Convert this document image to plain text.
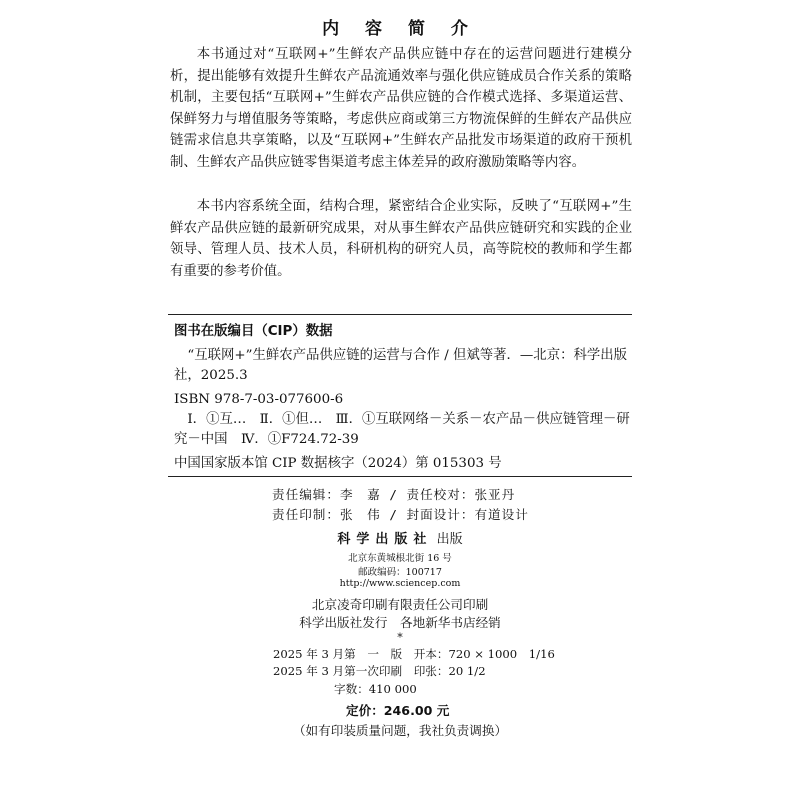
内 容 简 介

本书通过对“互联网+”生鲜农产品供应链中存在的运营问题进行建模分析，提出能够有效提升生鲜农产品流通效率与强化供应链成员合作关系的策略机制，主要包括“互联网+”生鲜农产品供应链的合作模式选择、多渠道运营、保鲜努力与增值服务等策略，考虑供应商或第三方物流保鲜的生鲜农产品供应链需求信息共享策略，以及“互联网+”生鲜农产品批发市场渠道的政府干预机制、生鲜农产品供应链零售渠道考虑主体差异的政府激励策略等内容。

本书内容系统全面，结构合理，紧密结合企业实际，反映了“互联网+”生鲜农产品供应链的最新研究成果，对从事生鲜农产品供应链研究和实践的企业领导、管理人员、技术人员，科研机构的研究人员，高等院校的教师和学生都有重要的参考价值。

图书在版编目（CIP）数据
“互联网+”生鲜农产品供应链的运营与合作 / 但斌等著．—北京：科学出版社，2025.3
ISBN 978-7-03-077600-6
Ⅰ．①互…　Ⅱ．①但…　Ⅲ．①互联网络－关系－农产品－供应链管理－研究－中国　Ⅳ．①F724.72-39
中国国家版本馆 CIP 数据核字（2024）第 015303 号
责任编辑：李　嘉 / 责任校对：张亚丹
责任印制：张　伟 / 封面设计：有道设计
科学出版社 出版
北京东黄城根北街 16 号
邮政编码：100717
http://www.sciencep.com
北京凌奇印刷有限责任公司印刷
科学出版社发行　各地新华书店经销
*
2025 年 3 月第　一　版　开本：720 × 1000　1/16
2025 年 3 月第一次印刷　印张：20 1/2
字数：410 000
定价：246.00 元
（如有印装质量问题，我社负责调换）
